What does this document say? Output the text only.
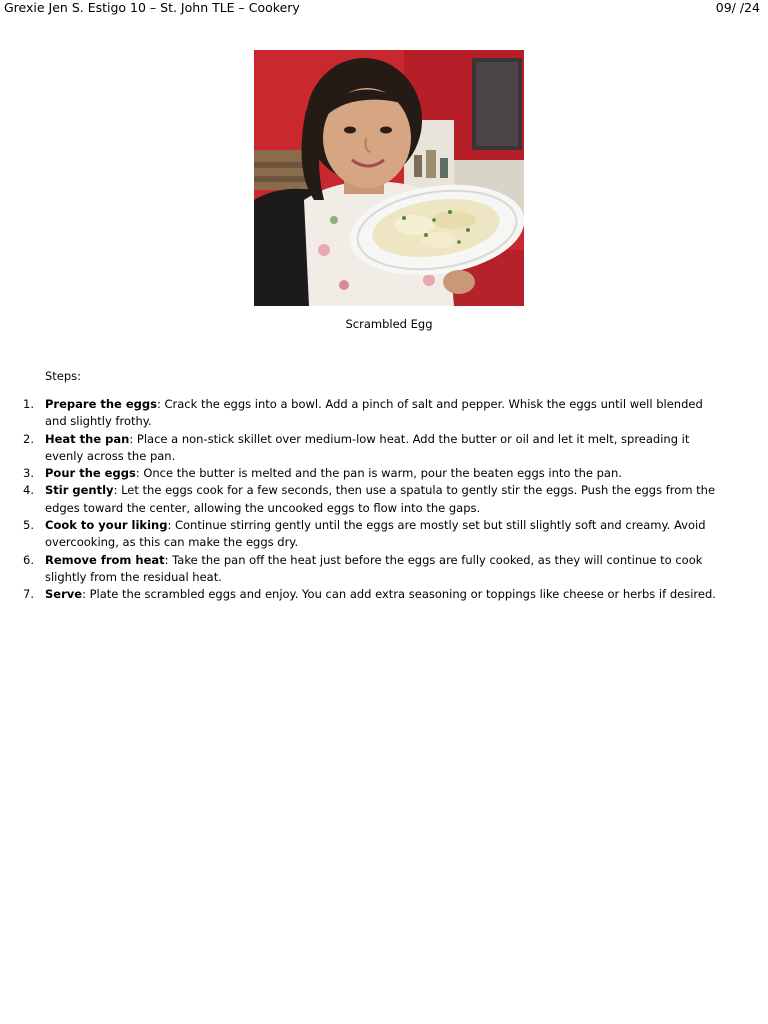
Grexie Jen S. Estigo 10 – St. John TLE – Cookery	09/ /24
Scrambled Egg
Steps:
1. Prepare the eggs: Crack the eggs into a bowl. Add a pinch of salt and pepper. Whisk the eggs until well blended and slightly frothy.
2. Heat the pan: Place a non-stick skillet over medium-low heat. Add the butter or oil and let it melt, spreading it evenly across the pan.
3. Pour the eggs: Once the butter is melted and the pan is warm, pour the beaten eggs into the pan.
4. Stir gently: Let the eggs cook for a few seconds, then use a spatula to gently stir the eggs. Push the eggs from the edges toward the center, allowing the uncooked eggs to flow into the gaps.
5. Cook to your liking: Continue stirring gently until the eggs are mostly set but still slightly soft and creamy. Avoid overcooking, as this can make the eggs dry.
6. Remove from heat: Take the pan off the heat just before the eggs are fully cooked, as they will continue to cook slightly from the residual heat.
7. Serve: Plate the scrambled eggs and enjoy. You can add extra seasoning or toppings like cheese or herbs if desired.
